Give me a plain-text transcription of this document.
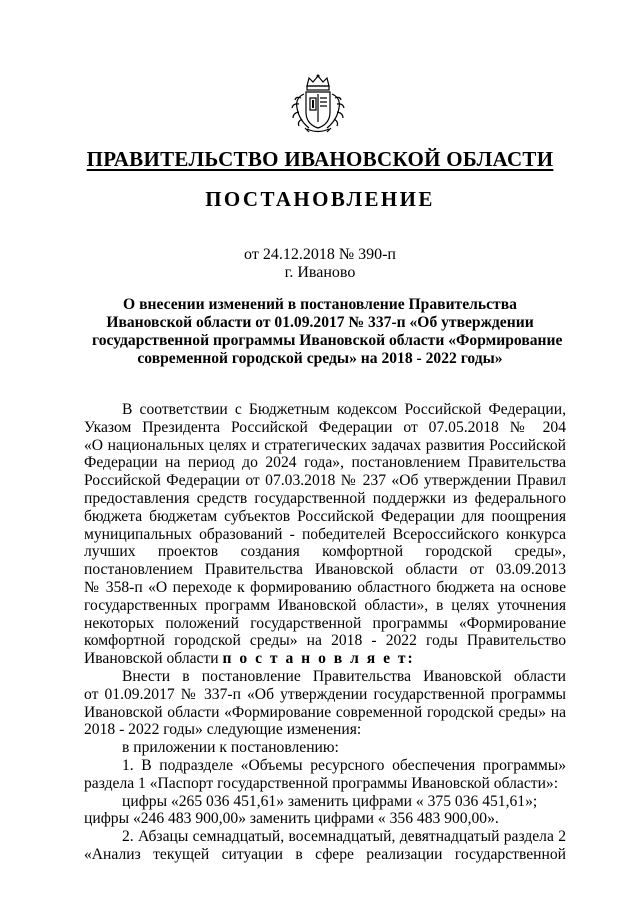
ПРАВИТЕЛЬСТВО ИВАНОВСКОЙ ОБЛАСТИ
ПОСТАНОВЛЕНИЕ
от 24.12.2018 № 390-п
г. Иваново
О внесении изменений в постановление Правительства
Ивановской области от 01.09.2017 № 337-п «Об утверждении
государственной программы Ивановской области «Формирование
современной городской среды» на 2018 - 2022 годы»

В соответствии с Бюджетным кодексом Российской Федерации,

Указом Президента Российской Федерации от 07.05.2018 № 204

«О национальных целях и стратегических задачах развития Российской

Федерации на период до 2024 года», постановлением Правительства

Российской Федерации от 07.03.2018 № 237 «Об утверждении Правил

предоставления средств государственной поддержки из федерального

бюджета бюджетам субъектов Российской Федерации для поощрения

муниципальных образований - победителей Всероссийского конкурса

лучших проектов создания комфортной городской среды»,

постановлением Правительства Ивановской области от 03.09.2013

№ 358-п «О переходе к формированию областного бюджета на основе

государственных программ Ивановской области», в целях уточнения

некоторых положений государственной программы «Формирование

комфортной городской среды» на 2018 - 2022 годы Правительство

Ивановской области п о с т а н о в л я е т:

Внести в постановление Правительства Ивановской области

от 01.09.2017 № 337-п «Об утверждении государственной программы

Ивановской области «Формирование современной городской среды» на

2018 - 2022 годы» следующие изменения:

в приложении к постановлению:

1. В подразделе «Объемы ресурсного обеспечения программы»

раздела 1 «Паспорт государственной программы Ивановской области»:

цифры «265 036 451,61» заменить цифрами « 375 036 451,61»;

цифры «246 483 900,00» заменить цифрами « 356 483 900,00».

2. Абзацы семнадцатый, восемнадцатый, девятнадцатый раздела 2

«Анализ текущей ситуации в сфере реализации государственной
